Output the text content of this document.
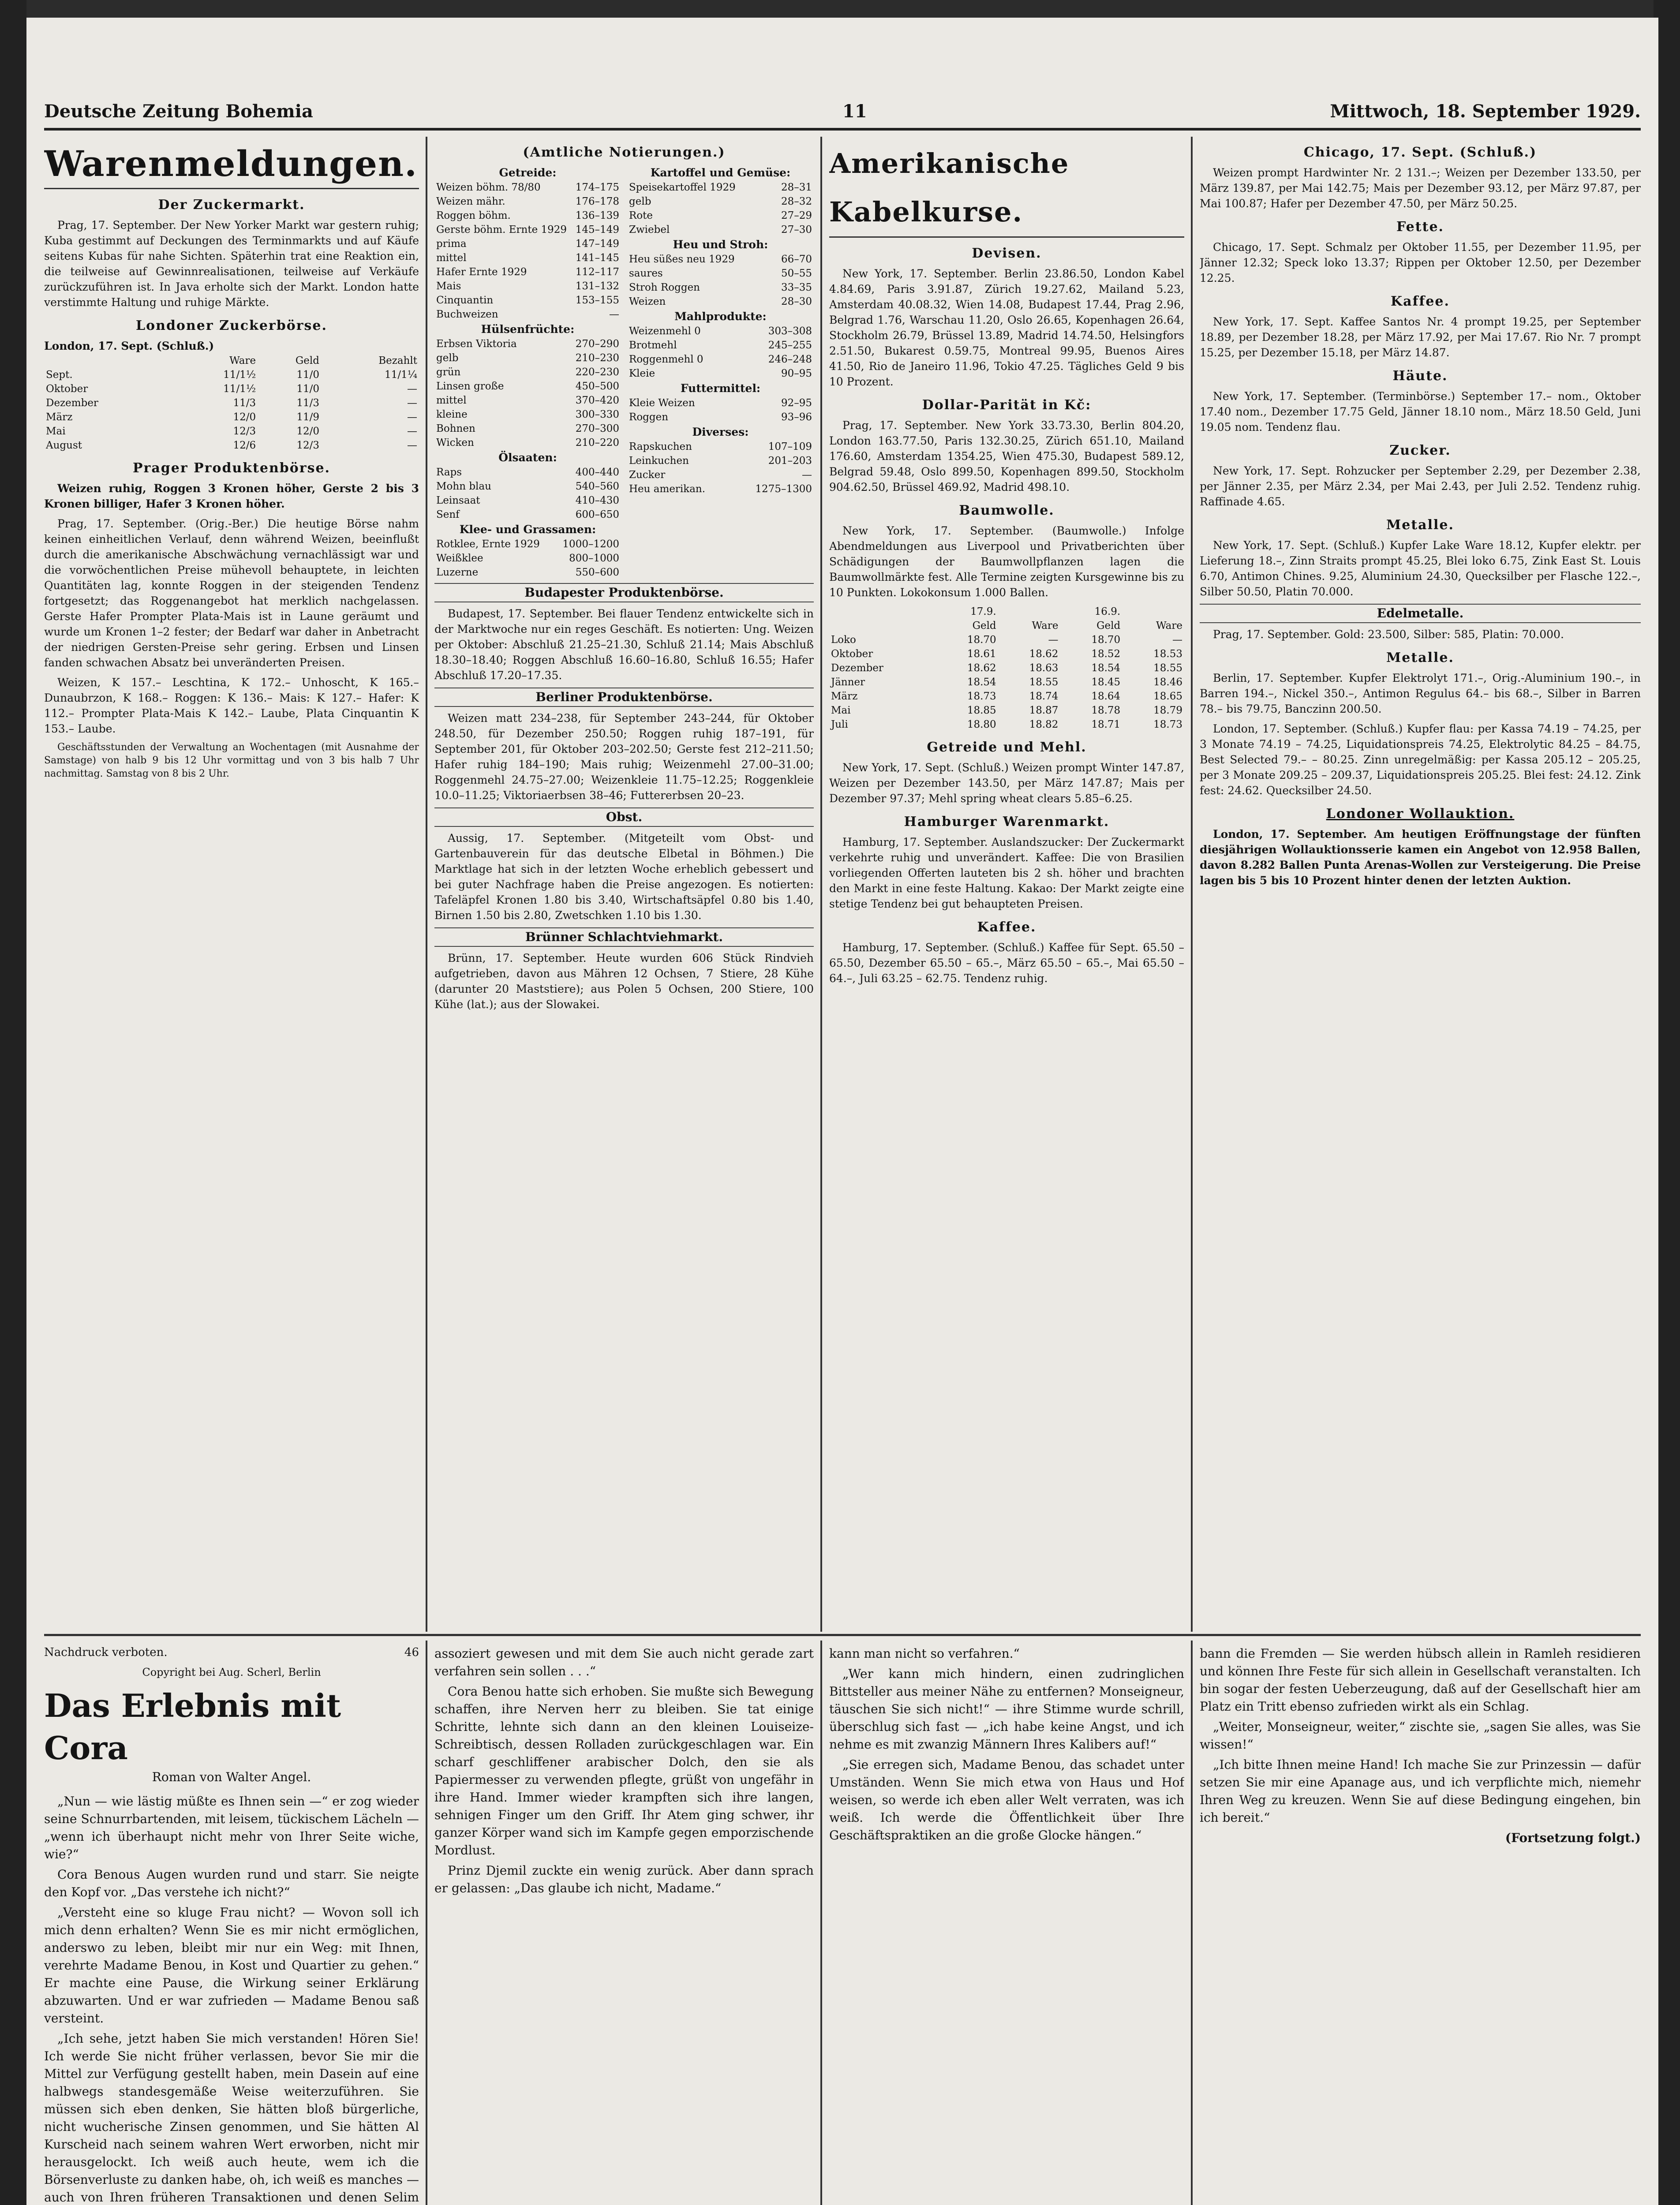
Deutsche Zeitung Bohemia	11	Mittwoch, 18. September 1929.
Warenmeldungen.
Der Zuckermarkt.

Prag, 17. September. Der New Yorker Markt war gestern ruhig; Kuba gestimmt auf Deckungen des Terminmarkts und auf Käufe seitens Kubas für nahe Sichten. Späterhin trat eine Reaktion ein, die teilweise auf Gewinnrealisationen, teilweise auf Verkäufe zurückzuführen ist. In Java erholte sich der Markt. London hatte verstimmte Haltung und ruhige Märkte.

Londoner Zuckerbörse.
London, 17. Sept. (Schluß.)
	Ware	Geld	Bezahlt
Sept.	11/1½	11/0	11/1¼
Oktober	11/1½	11/0	—
Dezember	11/3	11/3	—
März	12/0	11/9	—
Mai	12/3	12/0	—
August	12/6	12/3	—
Prager Produktenbörse.

Weizen ruhig, Roggen 3 Kronen höher, Gerste 2 bis 3 Kronen billiger, Hafer 3 Kronen höher.

Prag, 17. September. (Orig.-Ber.) Die heutige Börse nahm keinen einheitlichen Verlauf, denn während Weizen, beeinflußt durch die amerikanische Abschwächung vernachlässigt war und die vorwöchentlichen Preise mühevoll behauptete, in leichten Quantitäten lag, konnte Roggen in der steigenden Tendenz fortgesetzt; das Roggenangebot hat merklich nachgelassen. Gerste Hafer Prompter Plata-Mais ist in Laune geräumt und wurde um Kronen 1–2 fester; der Bedarf war daher in Anbetracht der niedrigen Gersten-Preise sehr gering. Erbsen und Linsen fanden schwachen Absatz bei unveränderten Preisen.

Weizen, K 157.– Leschtina, K 172.– Unhoscht, K 165.– Dunaubrzon, K 168.– Roggen: K 136.– Mais: K 127.– Hafer: K 112.– Prompter Plata-Mais K 142.– Laube, Plata Cinquantin K 153.– Laube.

Geschäftsstunden der Verwaltung an Wochentagen (mit Ausnahme der Samstage) von halb 9 bis 12 Uhr vormittag und von 3 bis halb 7 Uhr nachmittag. Samstag von 8 bis 2 Uhr.

(Amtliche Notierungen.)
Getreide:
Weizen böhm. 78/80	174–175
Weizen mähr.	176–178
Roggen böhm.	136–139
Gerste böhm. Ernte 1929	145–149
prima	147–149
mittel	141–145
Hafer Ernte 1929	112–117
Mais	131–132
Cinquantin	153–155
Buchweizen	—
Hülsenfrüchte:
Erbsen Viktoria	270–290
gelb	210–230
grün	220–230
Linsen große	450–500
mittel	370–420
kleine	300–330
Bohnen	270–300
Wicken	210–220
Ölsaaten:
Raps	400–440
Mohn blau	540–560
Leinsaat	410–430
Senf	600–650
Klee- und Grassamen:
Rotklee, Ernte 1929	1000–1200
Weißklee	800–1000
Luzerne	550–600
Kartoffel und Gemüse:
Speisekartoffel 1929	28–31
gelb	28–32
Rote	27–29
Zwiebel	27–30
Heu und Stroh:
Heu süßes neu 1929	66–70
saures	50–55
Stroh Roggen	33–35
Weizen	28–30
Mahlprodukte:
Weizenmehl 0	303–308
Brotmehl	245–255
Roggenmehl 0	246–248
Kleie	90–95
Futtermittel:
Kleie Weizen	92–95
Roggen	93–96
Diverses:
Rapskuchen	107–109
Leinkuchen	201–203
Zucker	—
Heu amerikan.	1275–1300
Budapester Produktenbörse.

Budapest, 17. September. Bei flauer Tendenz entwickelte sich in der Marktwoche nur ein reges Geschäft. Es notierten: Ung. Weizen per Oktober: Abschluß 21.25–21.30, Schluß 21.14; Mais Abschluß 18.30–18.40; Roggen Abschluß 16.60–16.80, Schluß 16.55; Hafer Abschluß 17.20–17.35.

Berliner Produktenbörse.

Weizen matt 234–238, für September 243–244, für Oktober 248.50, für Dezember 250.50; Roggen ruhig 187–191, für September 201, für Oktober 203–202.50; Gerste fest 212–211.50; Hafer ruhig 184–190; Mais ruhig; Weizenmehl 27.00–31.00; Roggenmehl 24.75–27.00; Weizenkleie 11.75–12.25; Roggenkleie 10.0–11.25; Viktoriaerbsen 38–46; Futtererbsen 20–23.

Obst.

Aussig, 17. September. (Mitgeteilt vom Obst- und Gartenbauverein für das deutsche Elbetal in Böhmen.) Die Marktlage hat sich in der letzten Woche erheblich gebessert und bei guter Nachfrage haben die Preise angezogen. Es notierten: Tafeläpfel Kronen 1.80 bis 3.40, Wirtschaftsäpfel 0.80 bis 1.40, Birnen 1.50 bis 2.80, Zwetschken 1.10 bis 1.30.

Brünner Schlachtviehmarkt.

Brünn, 17. September. Heute wurden 606 Stück Rindvieh aufgetrieben, davon aus Mähren 12 Ochsen, 7 Stiere, 28 Kühe (darunter 20 Maststiere); aus Polen 5 Ochsen, 200 Stiere, 100 Kühe (lat.); aus der Slowakei.

Amerikanische Kabelkurse.
Devisen.

New York, 17. September. Berlin 23.86.50, London Kabel 4.84.69, Paris 3.91.87, Zürich 19.27.62, Mailand 5.23, Amsterdam 40.08.32, Wien 14.08, Budapest 17.44, Prag 2.96, Belgrad 1.76, Warschau 11.20, Oslo 26.65, Kopenhagen 26.64, Stockholm 26.79, Brüssel 13.89, Madrid 14.74.50, Helsingfors 2.51.50, Bukarest 0.59.75, Montreal 99.95, Buenos Aires 41.50, Rio de Janeiro 11.96, Tokio 47.25. Tägliches Geld 9 bis 10 Prozent.

Dollar-Parität in Kč:

Prag, 17. September. New York 33.73.30, Berlin 804.20, London 163.77.50, Paris 132.30.25, Zürich 651.10, Mailand 176.60, Amsterdam 1354.25, Wien 475.30, Budapest 589.12, Belgrad 59.48, Oslo 899.50, Kopenhagen 899.50, Stockholm 904.62.50, Brüssel 469.92, Madrid 498.10.

Baumwolle.

New York, 17. September. (Baumwolle.) Infolge Abendmeldungen aus Liverpool und Privatberichten über Schädigungen der Baumwollpflanzen lagen die Baumwollmärkte fest. Alle Termine zeigten Kursgewinne bis zu 10 Punkten. Lokokonsum 1.000 Ballen.

	17.9.		16.9.	
	Geld	Ware	Geld	Ware
Loko	18.70	—	18.70	—
Oktober	18.61	18.62	18.52	18.53
Dezember	18.62	18.63	18.54	18.55
Jänner	18.54	18.55	18.45	18.46
März	18.73	18.74	18.64	18.65
Mai	18.85	18.87	18.78	18.79
Juli	18.80	18.82	18.71	18.73
Getreide und Mehl.

New York, 17. Sept. (Schluß.) Weizen prompt Winter 147.87, Weizen per Dezember 143.50, per März 147.87; Mais per Dezember 97.37; Mehl spring wheat clears 5.85–6.25.

Hamburger Warenmarkt.

Hamburg, 17. September. Auslandszucker: Der Zuckermarkt verkehrte ruhig und unverändert. Kaffee: Die von Brasilien vorliegenden Offerten lauteten bis 2 sh. höher und brachten den Markt in eine feste Haltung. Kakao: Der Markt zeigte eine stetige Tendenz bei gut behaupteten Preisen.

Kaffee.

Hamburg, 17. September. (Schluß.) Kaffee für Sept. 65.50 – 65.50, Dezember 65.50 – 65.–, März 65.50 – 65.–, Mai 65.50 – 64.–, Juli 63.25 – 62.75. Tendenz ruhig.

Chicago, 17. Sept. (Schluß.)

Weizen prompt Hardwinter Nr. 2 131.–; Weizen per Dezember 133.50, per März 139.87, per Mai 142.75; Mais per Dezember 93.12, per März 97.87, per Mai 100.87; Hafer per Dezember 47.50, per März 50.25.

Fette.

Chicago, 17. Sept. Schmalz per Oktober 11.55, per Dezember 11.95, per Jänner 12.32; Speck loko 13.37; Rippen per Oktober 12.50, per Dezember 12.25.

Kaffee.

New York, 17. Sept. Kaffee Santos Nr. 4 prompt 19.25, per September 18.89, per Dezember 18.28, per März 17.92, per Mai 17.67. Rio Nr. 7 prompt 15.25, per Dezember 15.18, per März 14.87.

Häute.

New York, 17. September. (Terminbörse.) September 17.– nom., Oktober 17.40 nom., Dezember 17.75 Geld, Jänner 18.10 nom., März 18.50 Geld, Juni 19.05 nom. Tendenz flau.

Zucker.

New York, 17. Sept. Rohzucker per September 2.29, per Dezember 2.38, per Jänner 2.35, per März 2.34, per Mai 2.43, per Juli 2.52. Tendenz ruhig. Raffinade 4.65.

Metalle.

New York, 17. Sept. (Schluß.) Kupfer Lake Ware 18.12, Kupfer elektr. per Lieferung 18.–, Zinn Straits prompt 45.25, Blei loko 6.75, Zink East St. Louis 6.70, Antimon Chines. 9.25, Aluminium 24.30, Quecksilber per Flasche 122.–, Silber 50.50, Platin 70.000.

Edelmetalle.

Prag, 17. September. Gold: 23.500, Silber: 585, Platin: 70.000.

Metalle.

Berlin, 17. September. Kupfer Elektrolyt 171.–, Orig.-Aluminium 190.–, in Barren 194.–, Nickel 350.–, Antimon Regulus 64.– bis 68.–, Silber in Barren 78.– bis 79.75, Banczinn 200.50.

London, 17. September. (Schluß.) Kupfer flau: per Kassa 74.19 – 74.25, per 3 Monate 74.19 – 74.25, Liquidationspreis 74.25, Elektrolytic 84.25 – 84.75, Best Selected 79.– – 80.25. Zinn unregelmäßig: per Kassa 205.12 – 205.25, per 3 Monate 209.25 – 209.37, Liquidationspreis 205.25. Blei fest: 24.12. Zink fest: 24.62. Quecksilber 24.50.

Londoner Wollauktion.

London, 17. September. Am heutigen Eröffnungstage der fünften diesjährigen Wollauktionsserie kamen ein Angebot von 12.958 Ballen, davon 8.282 Ballen Punta Arenas-Wollen zur Versteigerung. Die Preise lagen bis 5 bis 10 Prozent hinter denen der letzten Auktion.

Nachdruck verboten.	46
Copyright bei Aug. Scherl, Berlin
Das Erlebnis mit Cora
Roman von Walter Angel.

„Nun — wie lästig müßte es Ihnen sein —“ er zog wieder seine Schnurrbartenden, mit leisem, tückischem Lächeln — „wenn ich überhaupt nicht mehr von Ihrer Seite wiche, wie?“

Cora Benous Augen wurden rund und starr. Sie neigte den Kopf vor. „Das verstehe ich nicht?“

„Versteht eine so kluge Frau nicht? — Wovon soll ich mich denn erhalten? Wenn Sie es mir nicht ermöglichen, anderswo zu leben, bleibt mir nur ein Weg: mit Ihnen, verehrte Madame Benou, in Kost und Quartier zu gehen.“ Er machte eine Pause, die Wirkung seiner Erklärung abzuwarten. Und er war zufrieden — Madame Benou saß versteint.

„Ich sehe, jetzt haben Sie mich verstanden! Hören Sie! Ich werde Sie nicht früher verlassen, bevor Sie mir die Mittel zur Verfügung gestellt haben, mein Dasein auf eine halbwegs standesgemäße Weise weiterzuführen. Sie müssen sich eben denken, Sie hätten bloß bürgerliche, nicht wucherische Zinsen genommen, und Sie hätten Al Kurscheid nach seinem wahren Wert erworben, nicht mir herausgelockt. Ich weiß auch heute, wem ich die Börsenverluste zu danken habe, oh, ich weiß es manches — auch von Ihren früheren Transaktionen und denen Selim

assoziert gewesen und mit dem Sie auch nicht gerade zart verfahren sein sollen . . .“

Cora Benou hatte sich erhoben. Sie mußte sich Bewegung schaffen, ihre Nerven herr zu bleiben. Sie tat einige Schritte, lehnte sich dann an den kleinen Louiseize-Schreibtisch, dessen Rolladen zurückgeschlagen war. Ein scharf geschliffener arabischer Dolch, den sie als Papiermesser zu verwenden pflegte, grüßt von ungefähr in ihre Hand. Immer wieder krampften sich ihre langen, sehnigen Finger um den Griff. Ihr Atem ging schwer, ihr ganzer Körper wand sich im Kampfe gegen emporzischende Mordlust.

Prinz Djemil zuckte ein wenig zurück. Aber dann sprach er gelassen: „Das glaube ich nicht, Madame.“

kann man nicht so verfahren.“

„Wer kann mich hindern, einen zudringlichen Bittsteller aus meiner Nähe zu entfernen? Monseigneur, täuschen Sie sich nicht!“ — ihre Stimme wurde schrill, überschlug sich fast — „ich habe keine Angst, und ich nehme es mit zwanzig Männern Ihres Kalibers auf!“

„Sie erregen sich, Madame Benou, das schadet unter Umständen. Wenn Sie mich etwa von Haus und Hof weisen, so werde ich eben aller Welt verraten, was ich weiß. Ich werde die Öffentlichkeit über Ihre Geschäftspraktiken an die große Glocke hängen.“

bann die Fremden — Sie werden hübsch allein in Ramleh residieren und können Ihre Feste für sich allein in Gesellschaft veranstalten. Ich bin sogar der festen Ueberzeugung, daß auf der Gesellschaft hier am Platz ein Tritt ebenso zufrieden wirkt als ein Schlag.

„Weiter, Monseigneur, weiter,“ zischte sie, „sagen Sie alles, was Sie wissen!“

„Ich bitte Ihnen meine Hand! Ich mache Sie zur Prinzessin — dafür setzen Sie mir eine Apanage aus, und ich verpflichte mich, niemehr Ihren Weg zu kreuzen. Wenn Sie auf diese Bedingung eingehen, bin ich bereit.“

(Fortsetzung folgt.)
